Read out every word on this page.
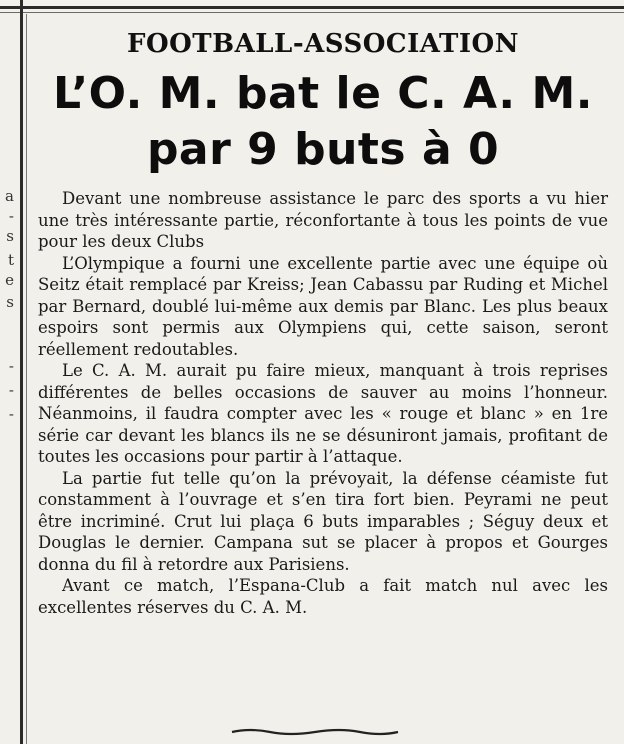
a
-
s
t
e
s
-
-
-
FOOTBALL-ASSOCIATION
L’O. M. bat le C. A. M.
par 9 buts à 0

Devant une nombreuse assistance le parc des sports a vu hier une très intéressante partie, réconfortante à tous les points de vue pour les deux Clubs

L’Olympique a fourni une excellente partie avec une équipe où Seitz était remplacé par Kreiss; Jean Cabassu par Ruding et Michel par Bernard, doublé lui-même aux demis par Blanc. Les plus beaux espoirs sont permis aux Olympiens qui, cette saison, seront réellement redoutables.

Le C. A. M. aurait pu faire mieux, manquant à trois reprises différentes de belles occasions de sauver au moins l’honneur. Néanmoins, il faudra compter avec les « rouge et blanc » en 1re série car devant les blancs ils ne se désuniront jamais, profitant de toutes les occasions pour partir à l’attaque.

La partie fut telle qu’on la prévoyait, la défense céamiste fut constamment à l’ouvrage et s’en tira fort bien. Peyrami ne peut être incriminé. Crut lui plaça 6 buts imparables ; Séguy deux et Douglas le dernier. Campana sut se placer à propos et Gourges donna du fil à retordre aux Parisiens.

Avant ce match, l’Espana-Club a fait match nul avec les excellentes réserves du C. A. M.
